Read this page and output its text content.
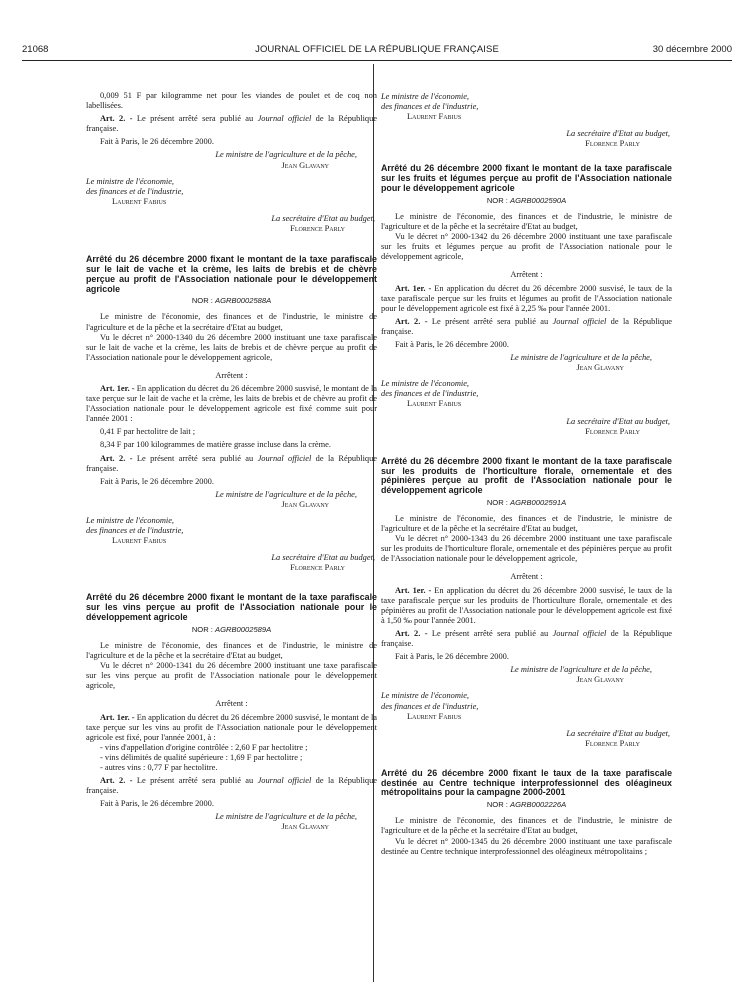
21068	JOURNAL OFFICIEL DE LA RÉPUBLIQUE FRANÇAISE	30 décembre 2000

0,009 51 F par kilogramme net pour les viandes de poulet et de coq non labellisées.

Art. 2. - Le présent arrêté sera publié au Journal officiel de la République française.

Fait à Paris, le 26 décembre 2000.

Le ministre de l'agriculture et de la pêche,
Jean Glavany
Le ministre de l'économie,
des finances et de l'industrie,
Laurent Fabius
La secrétaire d'Etat au budget,
Florence Parly

Arrêté du 26 décembre 2000 fixant le montant de la taxe parafiscale sur le lait de vache et la crème, les laits de brebis et de chèvre perçue au profit de l'Association nationale pour le développement agricole

NOR : AGRB0002588A

Le ministre de l'économie, des finances et de l'industrie, le ministre de l'agriculture et de la pêche et la secrétaire d'Etat au budget,

Vu le décret n° 2000-1340 du 26 décembre 2000 instituant une taxe parafiscale sur le lait de vache et la crème, les laits de brebis et de chèvre perçue au profit de l'Association nationale pour le développement agricole,

Arrêtent :

Art. 1er. - En application du décret du 26 décembre 2000 susvisé, le montant de la taxe perçue sur le lait de vache et la crème, les laits de brebis et de chèvre au profit de l'Association nationale pour le développement agricole est fixé comme suit pour l'année 2001 :

0,41 F par hectolitre de lait ;

8,34 F par 100 kilogrammes de matière grasse incluse dans la crème.

Art. 2. - Le présent arrêté sera publié au Journal officiel de la République française.

Fait à Paris, le 26 décembre 2000.

Le ministre de l'agriculture et de la pêche,
Jean Glavany
Le ministre de l'économie,
des finances et de l'industrie,
Laurent Fabius
La secrétaire d'Etat au budget,
Florence Parly

Arrêté du 26 décembre 2000 fixant le montant de la taxe parafiscale sur les vins perçue au profit de l'Association nationale pour le développement agricole

NOR : AGRB0002589A

Le ministre de l'économie, des finances et de l'industrie, le ministre de l'agriculture et de la pêche et la secrétaire d'Etat au budget,

Vu le décret n° 2000-1341 du 26 décembre 2000 instituant une taxe parafiscale sur les vins perçue au profit de l'Association nationale pour le développement agricole,

Arrêtent :

Art. 1er. - En application du décret du 26 décembre 2000 susvisé, le montant de la taxe perçue sur les vins au profit de l'Association nationale pour le développement agricole est fixé, pour l'année 2001, à :

- vins d'appellation d'origine contrôlée : 2,60 F par hectolitre ;

- vins délimités de qualité supérieure : 1,69 F par hectolitre ;

- autres vins : 0,77 F par hectolitre.

Art. 2. - Le présent arrêté sera publié au Journal officiel de la République française.

Fait à Paris, le 26 décembre 2000.

Le ministre de l'agriculture et de la pêche,
Jean Glavany
Le ministre de l'économie,
des finances et de l'industrie,
Laurent Fabius
La secrétaire d'Etat au budget,
Florence Parly

Arrêté du 26 décembre 2000 fixant le montant de la taxe parafiscale sur les fruits et légumes perçue au profit de l'Association nationale pour le développement agricole

NOR : AGRB0002590A

Le ministre de l'économie, des finances et de l'industrie, le ministre de l'agriculture et de la pêche et la secrétaire d'Etat au budget,

Vu le décret n° 2000-1342 du 26 décembre 2000 instituant une taxe parafiscale sur les fruits et légumes perçue au profit de l'Association nationale pour le développement agricole,

Arrêtent :

Art. 1er. - En application du décret du 26 décembre 2000 susvisé, le taux de la taxe parafiscale perçue sur les fruits et légumes au profit de l'Association nationale pour le développement agricole est fixé à 2,25 ‰ pour l'année 2001.

Art. 2. - Le présent arrêté sera publié au Journal officiel de la République française.

Fait à Paris, le 26 décembre 2000.

Le ministre de l'agriculture et de la pêche,
Jean Glavany
Le ministre de l'économie,
des finances et de l'industrie,
Laurent Fabius
La secrétaire d'Etat au budget,
Florence Parly

Arrêté du 26 décembre 2000 fixant le montant de la taxe parafiscale sur les produits de l'horticulture florale, ornementale et des pépinières perçue au profit de l'Association nationale pour le développement agricole

NOR : AGRB0002591A

Le ministre de l'économie, des finances et de l'industrie, le ministre de l'agriculture et de la pêche et la secrétaire d'Etat au budget,

Vu le décret n° 2000-1343 du 26 décembre 2000 instituant une taxe parafiscale sur les produits de l'horticulture florale, ornementale et des pépinières perçue au profit de l'Association nationale pour le développement agricole,

Arrêtent :

Art. 1er. - En application du décret du 26 décembre 2000 susvisé, le taux de la taxe parafiscale perçue sur les produits de l'horticulture florale, ornementale et des pépinières au profit de l'Association nationale pour le développement agricole est fixé à 1,50 ‰ pour l'année 2001.

Art. 2. - Le présent arrêté sera publié au Journal officiel de la République française.

Fait à Paris, le 26 décembre 2000.

Le ministre de l'agriculture et de la pêche,
Jean Glavany
Le ministre de l'économie,
des finances et de l'industrie,
Laurent Fabius
La secrétaire d'Etat au budget,
Florence Parly

Arrêté du 26 décembre 2000 fixant le taux de la taxe parafiscale destinée au Centre technique interprofessionnel des oléagineux métropolitains pour la campagne 2000-2001

NOR : AGRB0002226A

Le ministre de l'économie, des finances et de l'industrie, le ministre de l'agriculture et de la pêche et la secrétaire d'Etat au budget,

Vu le décret n° 2000-1345 du 26 décembre 2000 instituant une taxe parafiscale destinée au Centre technique interprofessionnel des oléagineux métropolitains ;
